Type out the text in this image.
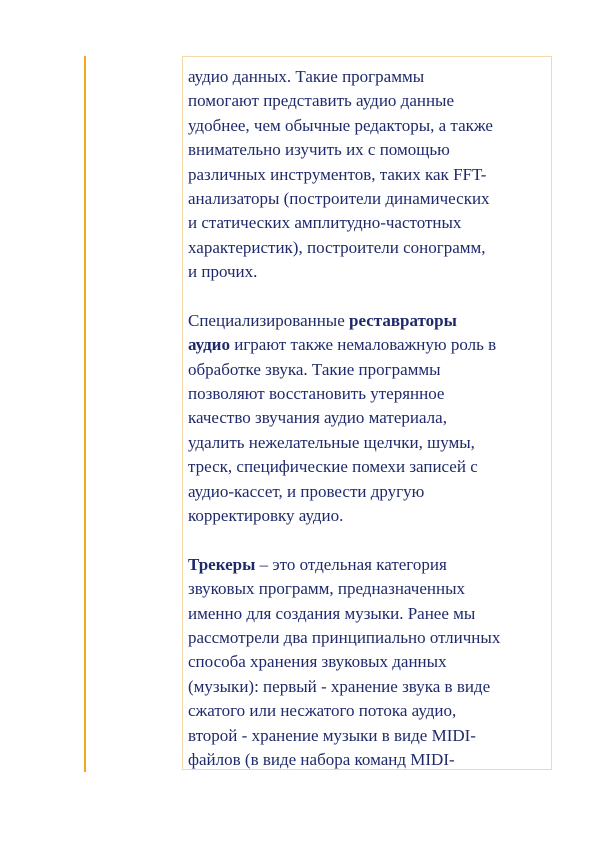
аудио данных. Такие программы
помогают представить аудио данные
удобнее, чем обычные редакторы, а также
внимательно изучить их с помощью
различных инструментов, таких как FFT-
анализаторы (построители динамических
и статических амплитудно-частотных
характеристик), построители сонограмм,
и прочих.
Специализированные реставраторы
аудио играют также немаловажную роль в
обработке звука. Такие программы
позволяют восстановить утерянное
качество звучания аудио материала,
удалить нежелательные щелчки, шумы,
треск, специфические помехи записей с
аудио-кассет, и провести другую
корректировку аудио.
Трекеры – это отдельная категория
звуковых программ, предназначенных
именно для создания музыки. Ранее мы
рассмотрели два принципиально отличных
способа хранения звуковых данных
(музыки): первый - хранение звука в виде
сжатого или несжатого потока аудио,
второй - хранение музыки в виде MIDI-
файлов (в виде набора команд MIDI-
